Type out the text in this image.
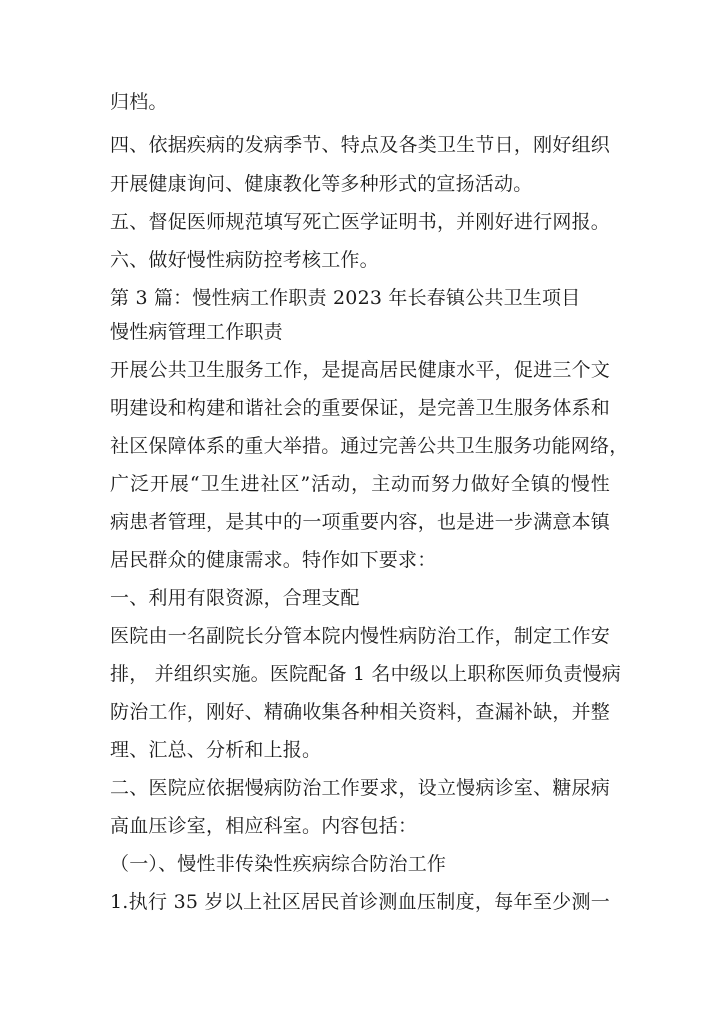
归档。
四、依据疾病的发病季节、特点及各类卫生节日，刚好组织
开展健康询问、健康教化等多种形式的宣扬活动。
五、督促医师规范填写死亡医学证明书，并刚好进行网报。
六、做好慢性病防控考核工作。
第 3 篇：慢性病工作职责 2023 年长春镇公共卫生项目
慢性病管理工作职责
开展公共卫生服务工作，是提高居民健康水平，促进三个文
明建设和构建和谐社会的重要保证，是完善卫生服务体系和
社区保障体系的重大举措。通过完善公共卫生服务功能网络，
广泛开展“卫生进社区”活动，主动而努力做好全镇的慢性
病患者管理，是其中的一项重要内容，也是进一步满意本镇
居民群众的健康需求。特作如下要求：
一、利用有限资源，合理支配
医院由一名副院长分管本院内慢性病防治工作，制定工作安
排， 并组织实施。医院配备 1 名中级以上职称医师负责慢病
防治工作，刚好、精确收集各种相关资料，查漏补缺，并整
理、汇总、分析和上报。
二、医院应依据慢病防治工作要求，设立慢病诊室、糖尿病
高血压诊室，相应科室。内容包括：
（一）、慢性非传染性疾病综合防治工作
1.执行 35 岁以上社区居民首诊测血压制度，每年至少测一
